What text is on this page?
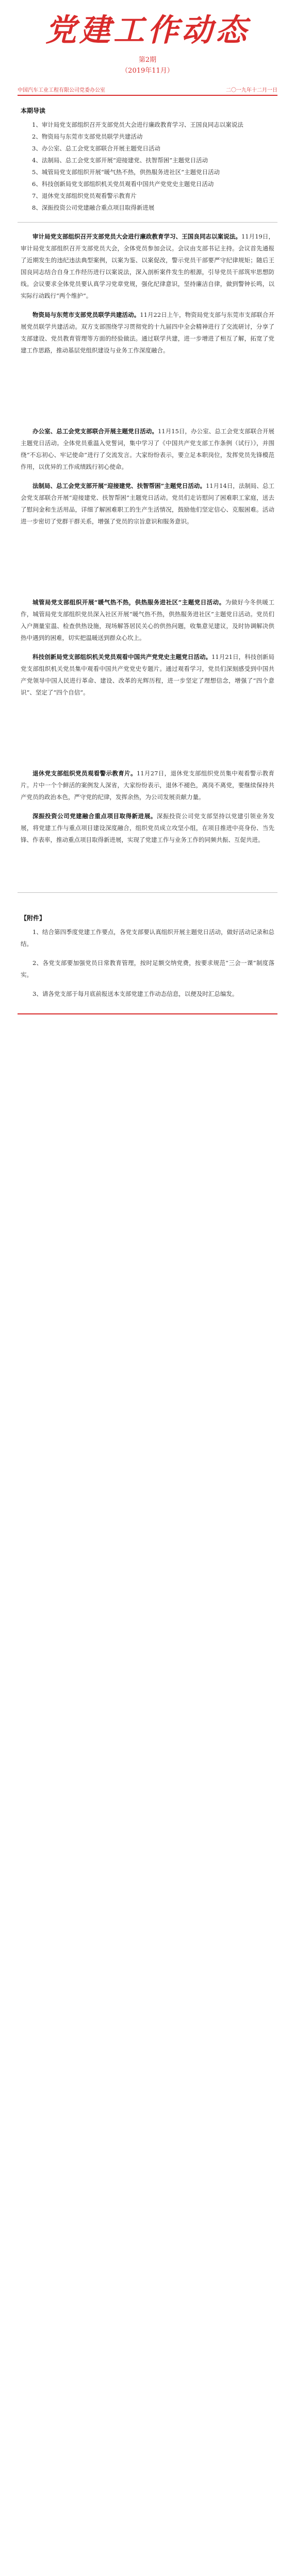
党建工作动态
第2期
（2019年11月）
中国汽车工业工程有限公司党委办公室	二〇一九年十二月一日
本期导读
1、审计局党支部组织召开支部党员大会进行廉政教育学习、王国良同志以案说法
2、物资局与东莞市支部党员联学共建活动
3、办公室、总工会党支部联合开展主题党日活动
4、法制局、总工会党支部开展“迎接建党、扶智帮困”主题党日活动
5、城管局党支部组织开展“暖气热不热，供热服务进社区”主题党日活动
6、科技创新局党支部组织机关党员观看中国共产党党史主题党日活动
7、退休党支部组织党员观看警示教育片
8、深振投资公司党建融合重点项目取得新进展

审计局党支部组织召开支部党员大会进行廉政教育学习、王国良同志以案说法。11月19日，审计局党支部组织召开支部党员大会，全体党员参加会议。会议由支部书记主持。会议首先通报了近期发生的违纪违法典型案例，以案为鉴、以案促改，警示党员干部要严守纪律规矩；随后王国良同志结合自身工作经历进行以案说法，深入剖析案件发生的根源，引导党员干部筑牢思想防线。会议要求全体党员要认真学习党章党规，强化纪律意识，坚持廉洁自律，做到警钟长鸣，以实际行动践行“两个维护”。

物资局与东莞市支部党员联学共建活动。11月22日上午，物资局党支部与东莞市支部联合开展党员联学共建活动。双方支部围绕学习贯彻党的十九届四中全会精神进行了交流研讨，分享了支部建设、党员教育管理等方面的经验做法。通过联学共建，进一步增进了相互了解，拓宽了党建工作思路，推动基层党组织建设与业务工作深度融合。

办公室、总工会党支部联合开展主题党日活动。11月15日，办公室、总工会党支部联合开展主题党日活动。全体党员重温入党誓词，集中学习了《中国共产党支部工作条例（试行）》，并围绕“不忘初心、牢记使命”进行了交流发言。大家纷纷表示，要立足本职岗位，发挥党员先锋模范作用，以优异的工作成绩践行初心使命。

法制局、总工会党支部开展“迎接建党、扶智帮困”主题党日活动。11月14日，法制局、总工会党支部联合开展“迎接建党、扶智帮困”主题党日活动。党员们走访慰问了困难职工家庭，送去了慰问金和生活用品，详细了解困难职工的生产生活情况，鼓励他们坚定信心、克服困难。活动进一步密切了党群干群关系，增强了党员的宗旨意识和服务意识。

城管局党支部组织开展“暖气热不热，供热服务进社区”主题党日活动。为做好今冬供暖工作，城管局党支部组织党员深入社区开展“暖气热不热，供热服务进社区”主题党日活动。党员们入户测量室温、检查供热设施，现场解答居民关心的供热问题，收集意见建议，及时协调解决供热中遇到的困难，切实把温暖送到群众心坎上。

科技创新局党支部组织机关党员观看中国共产党党史主题党日活动。11月21日，科技创新局党支部组织机关党员集中观看中国共产党党史专题片。通过观看学习，党员们深刻感受到中国共产党领导中国人民进行革命、建设、改革的光辉历程，进一步坚定了理想信念，增强了“四个意识”、坚定了“四个自信”。

退休党支部组织党员观看警示教育片。11月27日，退休党支部组织党员集中观看警示教育片。片中一个个鲜活的案例发人深省，大家纷纷表示，退休不褪色，离岗不离党，要继续保持共产党员的政治本色，严守党的纪律，发挥余热，为公司发展贡献力量。

深振投资公司党建融合重点项目取得新进展。深振投资公司党支部坚持以党建引领业务发展，将党建工作与重点项目建设深度融合，组织党员成立攻坚小组，在项目推进中亮身份、当先锋、作表率，推动重点项目取得新进展，实现了党建工作与业务工作的同频共振、互促共进。

【附件】

1、结合第四季度党建工作要点，各党支部要认真组织开展主题党日活动，做好活动记录和总结。

2、各党支部要加强党员日常教育管理，按时足额交纳党费，按要求规范“三会一课”制度落实。

3、请各党支部于每月底前报送本支部党建工作动态信息，以便及时汇总编发。
